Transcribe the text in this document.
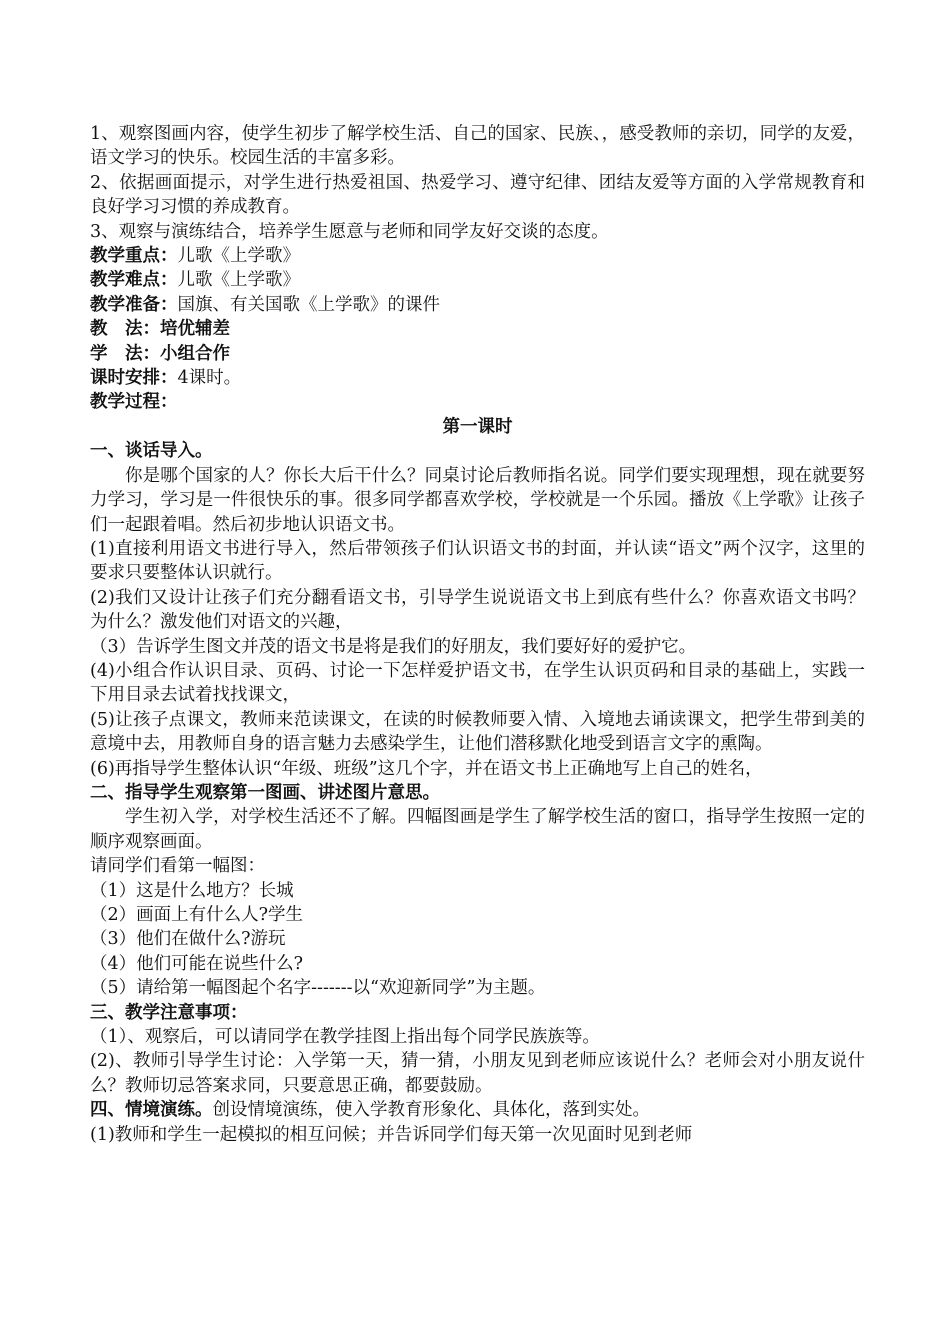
1、观察图画内容，使学生初步了解学校生活、自己的国家、民族、，感受教师的亲切，同学的友爱，语文学习的快乐。校园生活的丰富多彩。

2、依据画面提示，对学生进行热爱祖国、热爱学习、遵守纪律、团结友爱等方面的入学常规教育和良好学习习惯的养成教育。

3、观察与演练结合，培养学生愿意与老师和同学友好交谈的态度。

教学重点：儿歌《上学歌》

教学难点：儿歌《上学歌》

教学准备：国旗、有关国歌《上学歌》的课件

教　法：培优辅差

学　法：小组合作

课时安排：4课时。

教学过程：

第一课时

一、谈话导入。

你是哪个国家的人？你长大后干什么？同桌讨论后教师指名说。同学们要实现理想，现在就要努力学习，学习是一件很快乐的事。很多同学都喜欢学校，学校就是一个乐园。播放《上学歌》让孩子们一起跟着唱。然后初步地认识语文书。

(1)直接利用语文书进行导入，然后带领孩子们认识语文书的封面，并认读“语文”两个汉字，这里的要求只要整体认识就行。

(2)我们又设计让孩子们充分翻看语文书，引导学生说说语文书上到底有些什么？你喜欢语文书吗？为什么？激发他们对语文的兴趣，

（3）告诉学生图文并茂的语文书是将是我们的好朋友，我们要好好的爱护它。

(4)小组合作认识目录、页码、讨论一下怎样爱护语文书，在学生认识页码和目录的基础上，实践一下用目录去试着找找课文，

(5)让孩子点课文，教师来范读课文，在读的时候教师要入情、入境地去诵读课文，把学生带到美的意境中去，用教师自身的语言魅力去感染学生，让他们潜移默化地受到语言文字的熏陶。

(6)再指导学生整体认识“年级、班级”这几个字，并在语文书上正确地写上自己的姓名，

二、指导学生观察第一图画、讲述图片意思。

学生初入学，对学校生活还不了解。四幅图画是学生了解学校生活的窗口，指导学生按照一定的顺序观察画面。

请同学们看第一幅图：

（1）这是什么地方？长城

（2）画面上有什么人?学生

（3）他们在做什么?游玩

（4）他们可能在说些什么?

（5）请给第一幅图起个名字-------以“欢迎新同学”为主题。

三、教学注意事项：

（1）、观察后，可以请同学在教学挂图上指出每个同学民族族等。

(2)、教师引导学生讨论：入学第一天，猜一猜，小朋友见到老师应该说什么？老师会对小朋友说什么？教师切忌答案求同，只要意思正确，都要鼓励。

四、情境演练。创设情境演练，使入学教育形象化、具体化，落到实处。

(1)教师和学生一起模拟的相互问候；并告诉同学们每天第一次见面时见到老师
